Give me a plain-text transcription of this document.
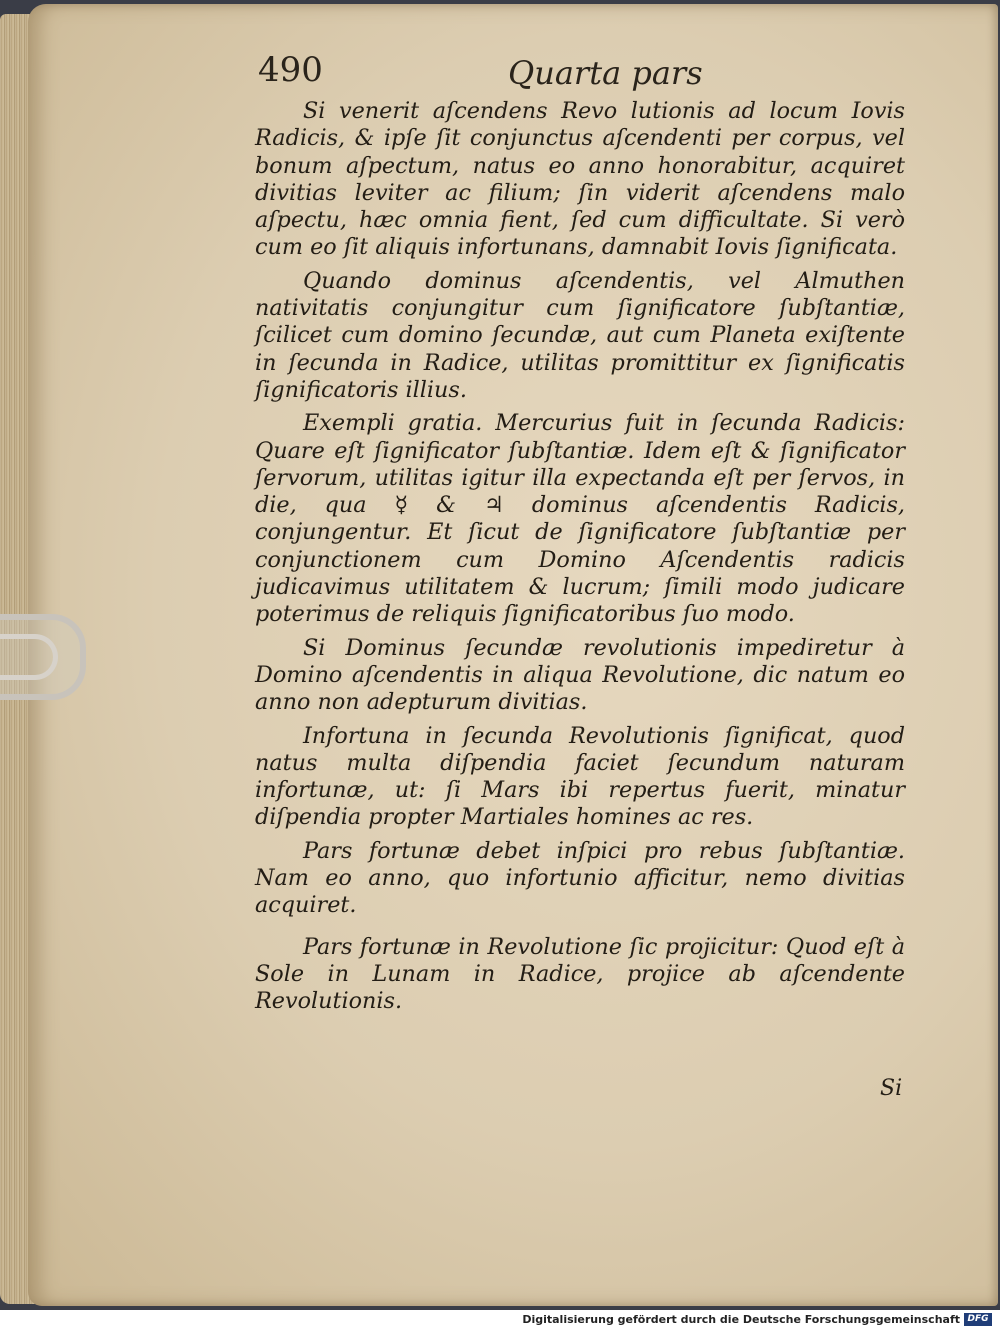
490	Quarta pars

Si venerit aſcendens Revo lutionis ad locum Iovis Radicis, & ipſe ſit conjunctus aſcendenti per corpus, vel bonum aſpectum, natus eo anno honorabitur, acquiret divitias leviter ac filium; ſin viderit aſcendens malo aſpectu, hæc omnia fient, ſed cum difficultate. Si verò cum eo ſit aliquis infortunans, damnabit Iovis ſignificata.

Quando dominus aſcendentis, vel Almuthen nativitatis conjungitur cum ſignificatore ſubſtantiæ, ſcilicet cum domino ſecundæ, aut cum Planeta exiſtente in ſecunda in Radice, utilitas promittitur ex ſignificatis ſignificatoris illius.

Exempli gratia. Mercurius fuit in ſecunda Radicis: Quare eſt ſignificator ſubſtantiæ. Idem eſt & ſignificator ſervorum, utilitas igitur illa expectanda eſt per ſervos, in die, qua ☿ & ♃ dominus aſcendentis Radicis, conjungentur. Et ſicut de ſignificatore ſubſtantiæ per conjunctionem cum Domino Aſcendentis radicis judicavimus utilitatem & lucrum; ſimili modo judicare poterimus de reliquis ſignificatoribus ſuo modo.

Si Dominus ſecundæ revolutionis impediretur à Domino aſcendentis in aliqua Revolutione, dic natum eo anno non adepturum divitias.

Infortuna in ſecunda Revolutionis ſignificat, quod natus multa diſpendia faciet ſecundum naturam infortunæ, ut: ſi Mars ibi repertus fuerit, minatur diſpendia propter Martiales homines ac res.

Pars fortunæ debet inſpici pro rebus ſubſtantiæ. Nam eo anno, quo infortunio afficitur, nemo divitias acquiret.

Pars fortunæ in Revolutione ſic projicitur: Quod eſt à Sole in Lunam in Radice, projice ab aſcendente Revolutionis.

Si
Digitalisierung gefördert durch die Deutsche Forschungsgemeinschaft DFG
